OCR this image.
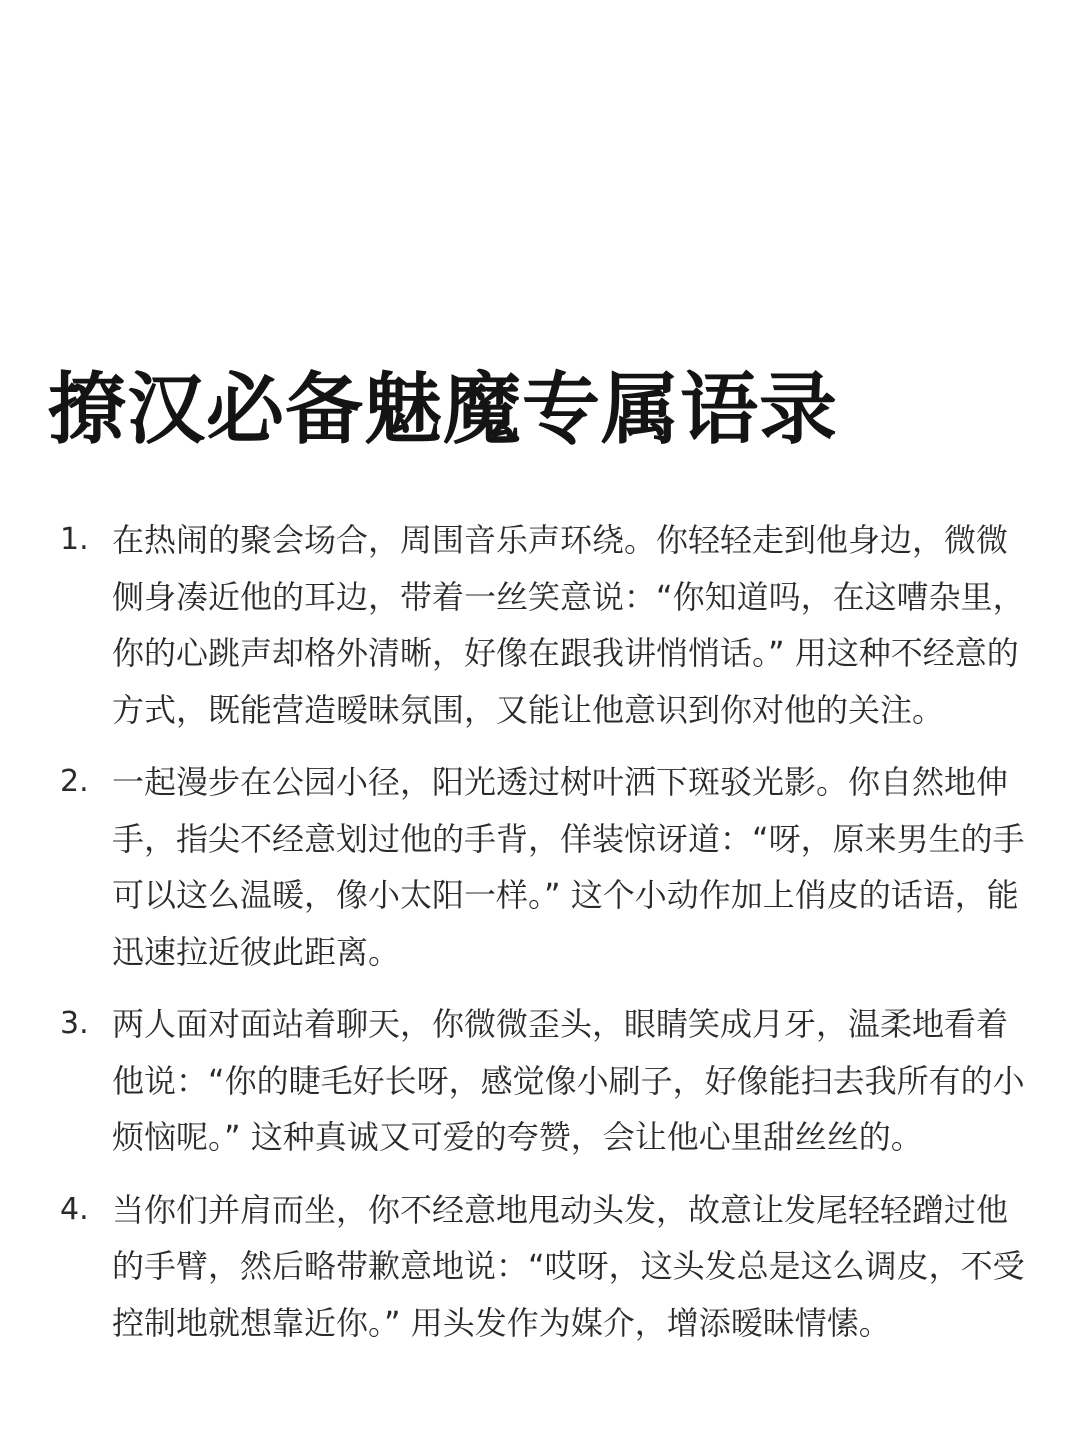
撩汉必备魅魔专属语录
1. 在热闹的聚会场合，周围音乐声环绕。你轻轻走到他身边，微微侧身凑近他的耳边，带着一丝笑意说：“你知道吗，在这嘈杂里，你的心跳声却格外清晰，好像在跟我讲悄悄话。” 用这种不经意的方式，既能营造暧昧氛围，又能让他意识到你对他的关注。
2. 一起漫步在公园小径，阳光透过树叶洒下斑驳光影。你自然地伸手，指尖不经意划过他的手背，佯装惊讶道：“呀，原来男生的手可以这么温暖，像小太阳一样。” 这个小动作加上俏皮的话语，能迅速拉近彼此距离。
3. 两人面对面站着聊天，你微微歪头，眼睛笑成月牙，温柔地看着他说：“你的睫毛好长呀，感觉像小刷子，好像能扫去我所有的小烦恼呢。” 这种真诚又可爱的夸赞，会让他心里甜丝丝的。
4. 当你们并肩而坐，你不经意地甩动头发，故意让发尾轻轻蹭过他的手臂，然后略带歉意地说：“哎呀，这头发总是这么调皮，不受控制地就想靠近你。” 用头发作为媒介，增添暧昧情愫。
